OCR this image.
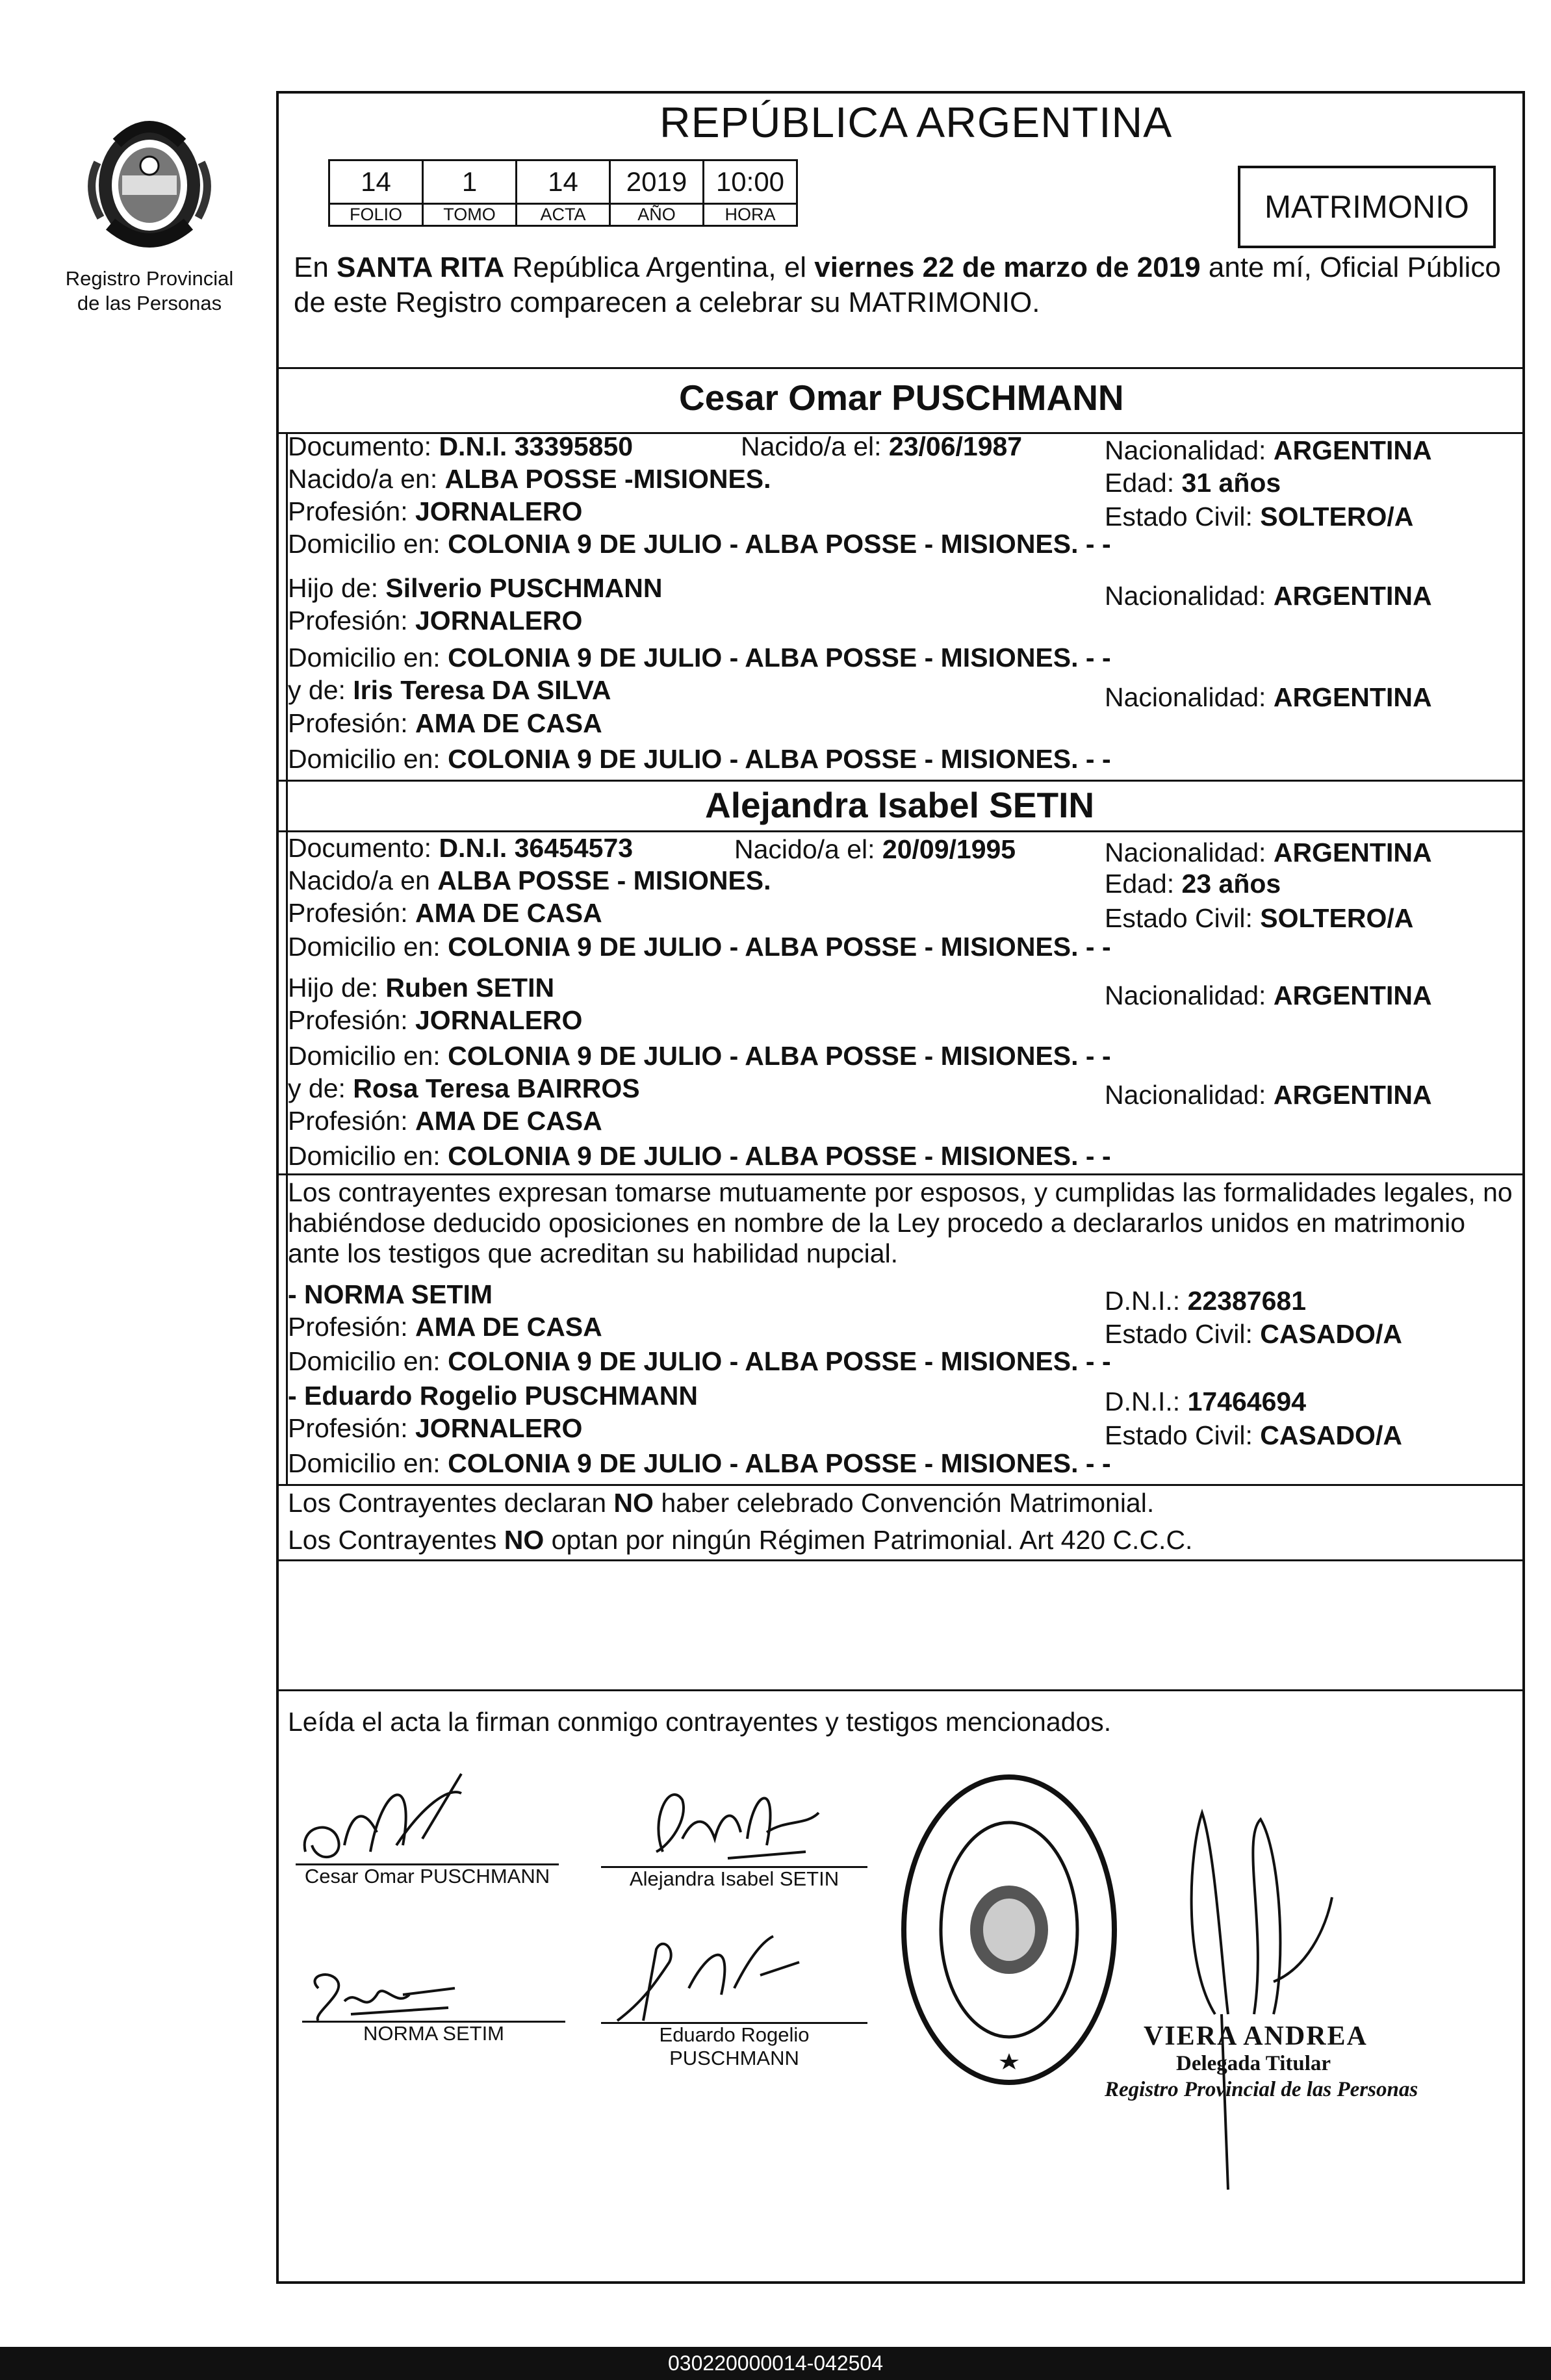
Registro Provincial
de las Personas
REPÚBLICA ARGENTINA
14	1	14	2019	10:00
FOLIO	TOMO	ACTA	AÑO	HORA	MATRIMONIO
En SANTA RITA República Argentina, el viernes 22 de marzo de 2019 ante mí, Oficial Público de este Registro comparecen a celebrar su MATRIMONIO.
Cesar Omar PUSCHMANN
Documento: D.N.I. 33395850	Nacido/a el: 23/06/1987	Nacionalidad: ARGENTINA
Nacido/a en: ALBA POSSE -MISIONES.	Edad: 31 años
Profesión: JORNALERO	Estado Civil: SOLTERO/A
Domicilio en: COLONIA 9 DE JULIO - ALBA POSSE - MISIONES. - -
Hijo de: Silverio PUSCHMANN	Nacionalidad: ARGENTINA
Profesión: JORNALERO
Domicilio en: COLONIA 9 DE JULIO - ALBA POSSE - MISIONES. - -
y de: Iris Teresa DA SILVA	Nacionalidad: ARGENTINA
Profesión: AMA DE CASA
Domicilio en: COLONIA 9 DE JULIO - ALBA POSSE - MISIONES. - -
Alejandra Isabel SETIN
Documento: D.N.I. 36454573	Nacido/a el: 20/09/1995	Nacionalidad: ARGENTINA
Nacido/a en ALBA POSSE - MISIONES.	Edad: 23 años
Profesión: AMA DE CASA	Estado Civil: SOLTERO/A
Domicilio en: COLONIA 9 DE JULIO - ALBA POSSE - MISIONES. - -
Hijo de: Ruben SETIN	Nacionalidad: ARGENTINA
Profesión: JORNALERO
Domicilio en: COLONIA 9 DE JULIO - ALBA POSSE - MISIONES. - -
y de: Rosa Teresa BAIRROS	Nacionalidad: ARGENTINA
Profesión: AMA DE CASA
Domicilio en: COLONIA 9 DE JULIO - ALBA POSSE - MISIONES. - -
Los contrayentes expresan tomarse mutuamente por esposos, y cumplidas las formalidades legales, no habiéndose deducido oposiciones en nombre de la Ley procedo a declararlos unidos en matrimonio ante los testigos que acreditan su habilidad nupcial.
- NORMA SETIM	D.N.I.: 22387681
Profesión: AMA DE CASA	Estado Civil: CASADO/A
Domicilio en: COLONIA 9 DE JULIO - ALBA POSSE - MISIONES. - -
- Eduardo Rogelio PUSCHMANN	D.N.I.: 17464694
Profesión: JORNALERO	Estado Civil: CASADO/A
Domicilio en: COLONIA 9 DE JULIO - ALBA POSSE - MISIONES. - -
Los Contrayentes declaran NO haber celebrado Convención Matrimonial.
Los Contrayentes NO optan por ningún Régimen Patrimonial. Art 420 C.C.C.
Leída el acta la firman conmigo contrayentes y testigos mencionados.
Cesar Omar PUSCHMANN	Alejandra Isabel SETIN
NORMA SETIM	Eduardo Rogelio
PUSCHMANN
VIERA ANDREA
Delegada Titular
Registro Provincial de las Personas
030220000014-042504
